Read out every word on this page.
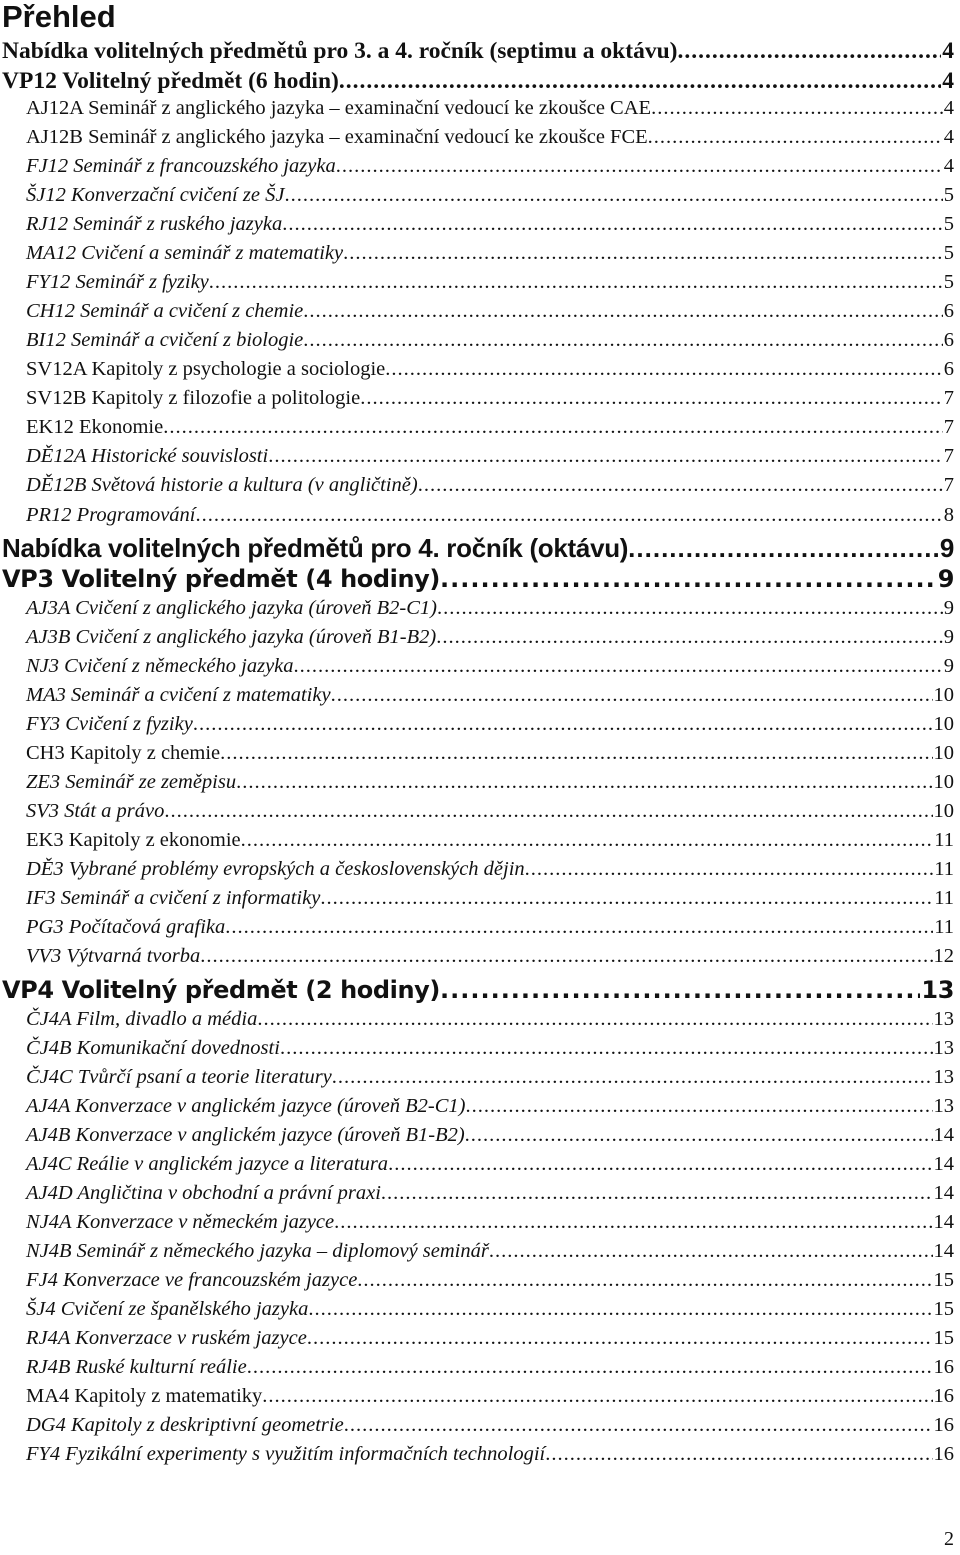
Přehled
Nabídka volitelných předmětů pro 3. a 4. ročník (septimu a oktávu) .....	4
VP12 Volitelný předmět (6 hodin) .....	4
AJ12A Seminář z anglického jazyka – examinační vedoucí ke zkoušce CAE .....	4
AJ12B Seminář z anglického jazyka – examinační vedoucí ke zkoušce FCE .....	4
FJ12 Seminář z francouzského jazyka .....	4
ŠJ12 Konverzační cvičení ze ŠJ .....	5
RJ12 Seminář z ruského jazyka .....	5
MA12 Cvičení a seminář z matematiky .....	5
FY12 Seminář z fyziky .....	5
CH12 Seminář a cvičení z chemie .....	6
BI12 Seminář a cvičení z biologie .....	6
SV12A Kapitoly z psychologie a sociologie .....	6
SV12B Kapitoly z filozofie a politologie .....	7
EK12 Ekonomie .....	7
DĚ12A Historické souvislosti .....	7
DĚ12B Světová historie a kultura (v angličtině) .....	7
PR12 Programování .....	8
Nabídka volitelných předmětů pro 4. ročník (oktávu) .....	9
VP3 Volitelný předmět (4 hodiny) .....	9
AJ3A Cvičení z anglického jazyka (úroveň B2-C1) .....	9
AJ3B Cvičení z anglického jazyka (úroveň B1-B2) .....	9
NJ3 Cvičení z německého jazyka .....	9
MA3 Seminář a cvičení z matematiky .....	10
FY3 Cvičení z fyziky .....	10
CH3 Kapitoly z chemie .....	10
ZE3 Seminář ze zeměpisu .....	10
SV3 Stát a právo .....	10
EK3 Kapitoly z ekonomie .....	11
DĚ3 Vybrané problémy evropských a československých dějin .....	11
IF3 Seminář a cvičení z informatiky .....	11
PG3 Počítačová grafika .....	11
VV3 Výtvarná tvorba .....	12
VP4 Volitelný předmět (2 hodiny) .....	13
ČJ4A Film, divadlo a média .....	13
ČJ4B Komunikační dovednosti .....	13
ČJ4C Tvůrčí psaní a teorie literatury .....	13
AJ4A Konverzace v anglickém jazyce (úroveň B2-C1) .....	13
AJ4B Konverzace v anglickém jazyce (úroveň B1-B2) .....	14
AJ4C Reálie v anglickém jazyce a literatura .....	14
AJ4D Angličtina v obchodní a právní praxi .....	14
NJ4A Konverzace v německém jazyce .....	14
NJ4B Seminář z německého jazyka – diplomový seminář .....	14
FJ4 Konverzace ve francouzském jazyce .....	15
ŠJ4 Cvičení ze španělského jazyka .....	15
RJ4A Konverzace v ruském jazyce .....	15
RJ4B Ruské kulturní reálie .....	16
MA4 Kapitoly z matematiky .....	16
DG4 Kapitoly z deskriptivní geometrie .....	16
FY4 Fyzikální experimenty s využitím informačních technologií .....	16
2
